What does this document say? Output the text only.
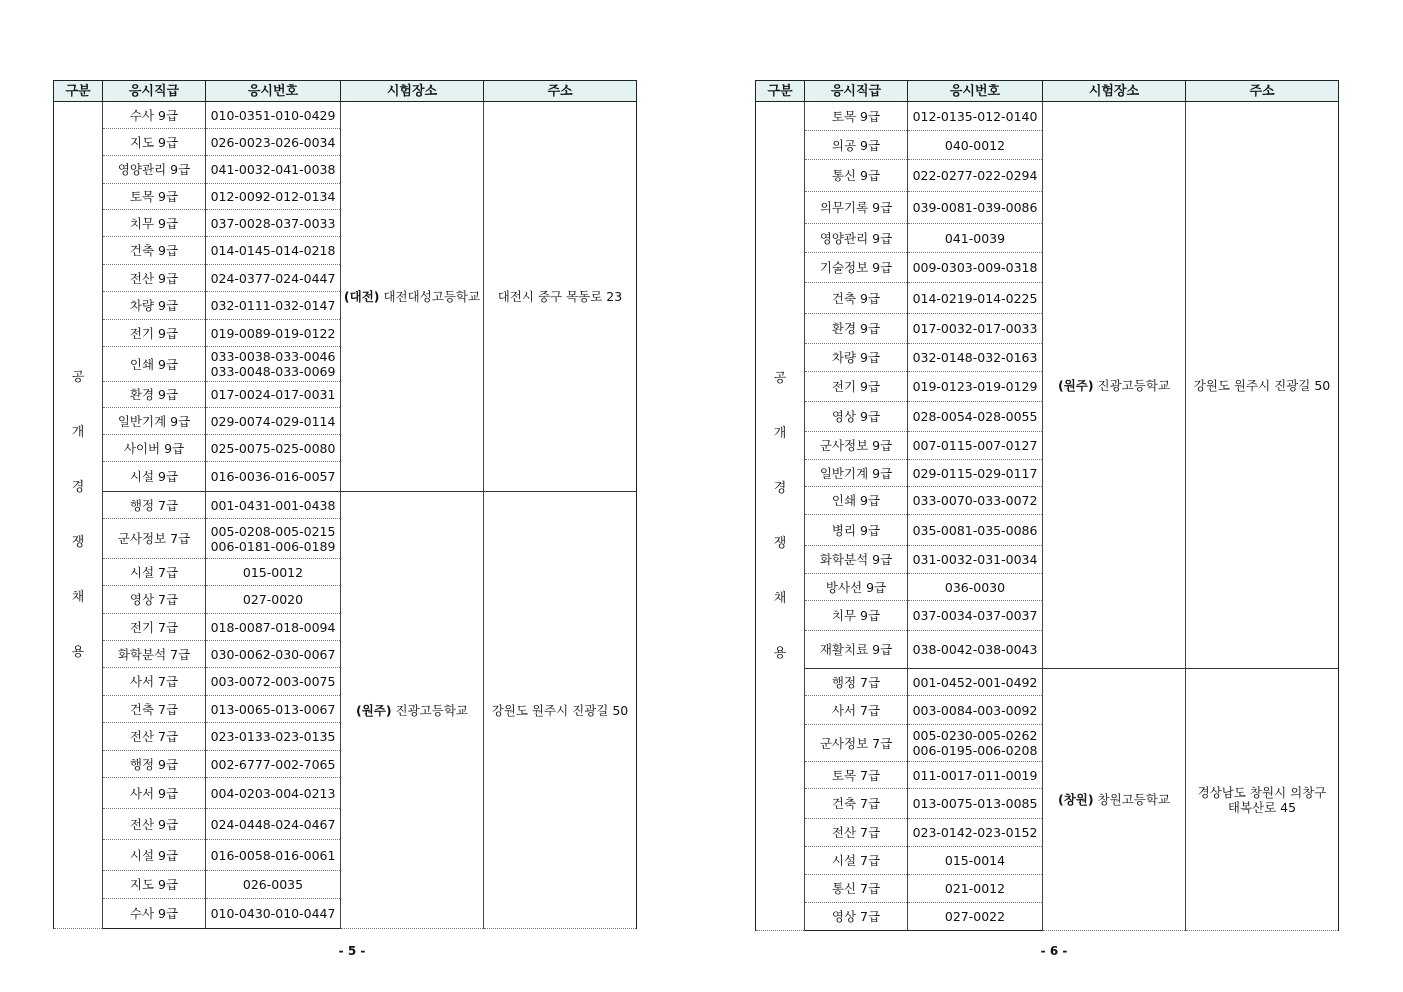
구분	응시직급	응시번호	시험장소	주소
공개경쟁채용	수사 9급	010-0351-010-0429	(대전) 대전대성고등학교	대전시 중구 목동로 23

	지도 9급	026-0023-026-0034		

	영양관리 9급	041-0032-041-0038		

	토목 9급	012-0092-012-0134		

	치무 9급	037-0028-037-0033		

	건축 9급	014-0145-014-0218		

	전산 9급	024-0377-024-0447		

	차량 9급	032-0111-032-0147		

	전기 9급	019-0089-019-0122		

	인쇄 9급	033-0038-033-0046
033-0048-033-0069		

	환경 9급	017-0024-017-0031		

	일반기계 9급	029-0074-029-0114		

	사이버 9급	025-0075-025-0080		

	시설 9급	016-0036-016-0057		

	행정 7급	001-0431-001-0438	(원주) 진광고등학교	강원도 원주시 진광길 50

	군사정보 7급	005-0208-005-0215
006-0181-006-0189		

	시설 7급	015-0012		

	영상 7급	027-0020		

	전기 7급	018-0087-018-0094		

	화학분석 7급	030-0062-030-0067		

	사서 7급	003-0072-003-0075		

	건축 7급	013-0065-013-0067		

	전산 7급	023-0133-023-0135		

	행정 9급	002-6777-002-7065		

	사서 9급	004-0203-004-0213		

	전산 9급	024-0448-024-0467		

	시설 9급	016-0058-016-0061		

	지도 9급	026-0035		

	수사 9급	010-0430-010-0447		
구분	응시직급	응시번호	시험장소	주소
공개경쟁채용	토목 9급	012-0135-012-0140	(원주) 진광고등학교	강원도 원주시 진광길 50

	의공 9급	040-0012		

	통신 9급	022-0277-022-0294		

	의무기록 9급	039-0081-039-0086		

	영양관리 9급	041-0039		

	기술정보 9급	009-0303-009-0318		

	건축 9급	014-0219-014-0225		

	환경 9급	017-0032-017-0033		

	차량 9급	032-0148-032-0163		

	전기 9급	019-0123-019-0129		

	영상 9급	028-0054-028-0055		

	군사정보 9급	007-0115-007-0127		

	일반기계 9급	029-0115-029-0117		

	인쇄 9급	033-0070-033-0072		

	병리 9급	035-0081-035-0086		

	화학분석 9급	031-0032-031-0034		

	방사선 9급	036-0030		

	치무 9급	037-0034-037-0037		

	재활치료 9급	038-0042-038-0043		

	행정 7급	001-0452-001-0492	(창원) 창원고등학교	경상남도 창원시 의창구
태복산로 45

	사서 7급	003-0084-003-0092		

	군사정보 7급	005-0230-005-0262
006-0195-006-0208		

	토목 7급	011-0017-011-0019		

	건축 7급	013-0075-013-0085		

	전산 7급	023-0142-023-0152		

	시설 7급	015-0014		

	통신 7급	021-0012		

	영상 7급	027-0022		
- 5 -	- 6 -
